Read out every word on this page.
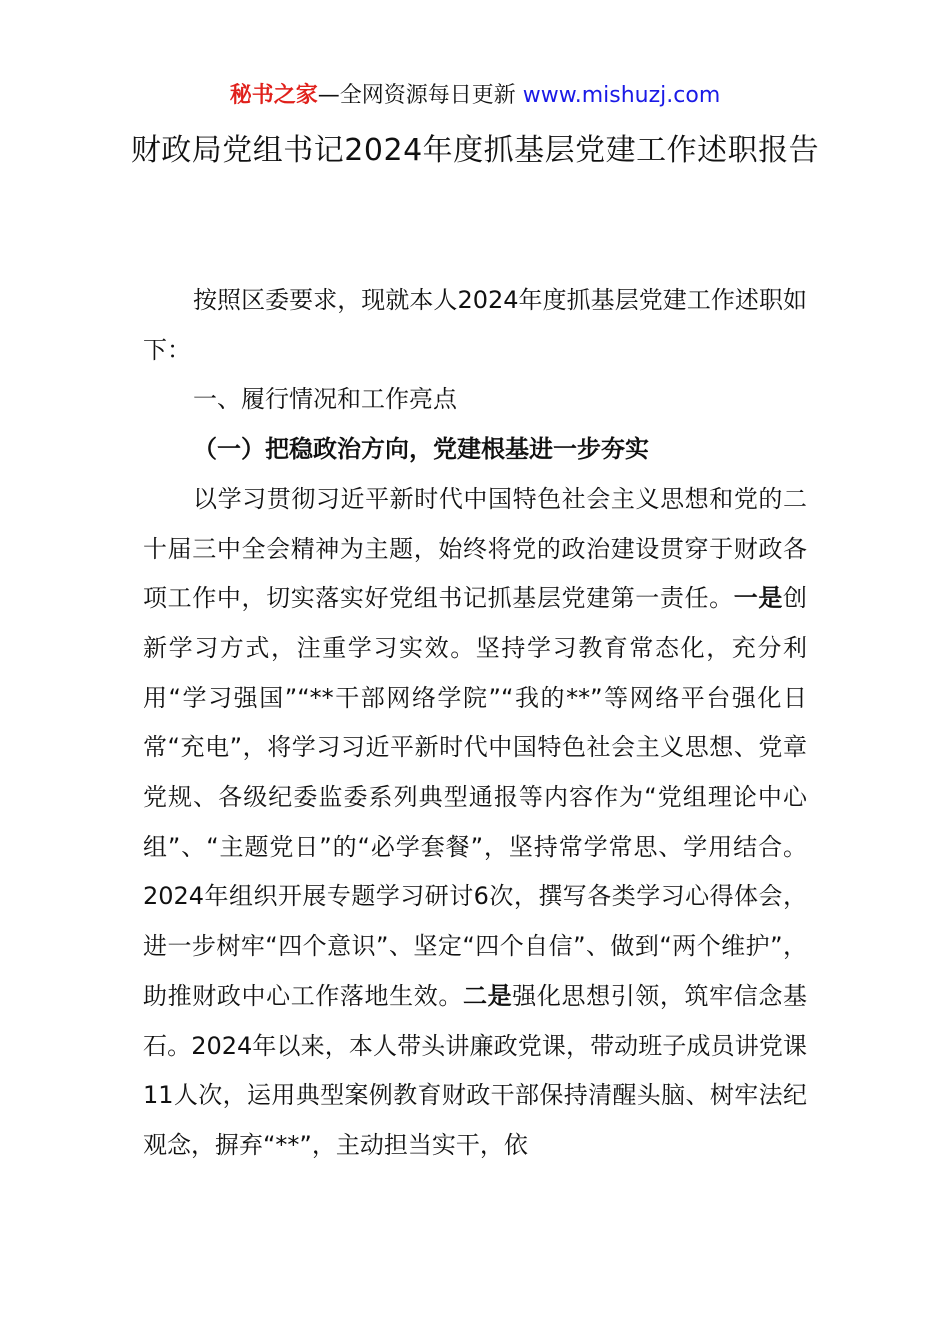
秘书之家—全网资源每日更新 www.mishuzj.com
财政局党组书记2024年度抓基层党建工作述职报告

按照区委要求，现就本人2024年度抓基层党建工作述职如下：

一、履行情况和工作亮点

（一）把稳政治方向，党建根基进一步夯实

以学习贯彻习近平新时代中国特色社会主义思想和党的二十届三中全会精神为主题，始终将党的政治建设贯穿于财政各项工作中，切实落实好党组书记抓基层党建第一责任。一是创新学习方式，注重学习实效。坚持学习教育常态化，充分利用“学习强国”“**干部网络学院”“我的**”等网络平台强化日常“充电”，将学习习近平新时代中国特色社会主义思想、党章党规、各级纪委监委系列典型通报等内容作为“党组理论中心组”、“主题党日”的“必学套餐”，坚持常学常思、学用结合。2024年组织开展专题学习研讨6次，撰写各类学习心得体会，进一步树牢“四个意识”、坚定“四个自信”、做到“两个维护”，助推财政中心工作落地生效。二是强化思想引领，筑牢信念基石。2024年以来，本人带头讲廉政党课，带动班子成员讲党课11人次，运用典型案例教育财政干部保持清醒头脑、树牢法纪观念，摒弃“**”，主动担当实干，依
